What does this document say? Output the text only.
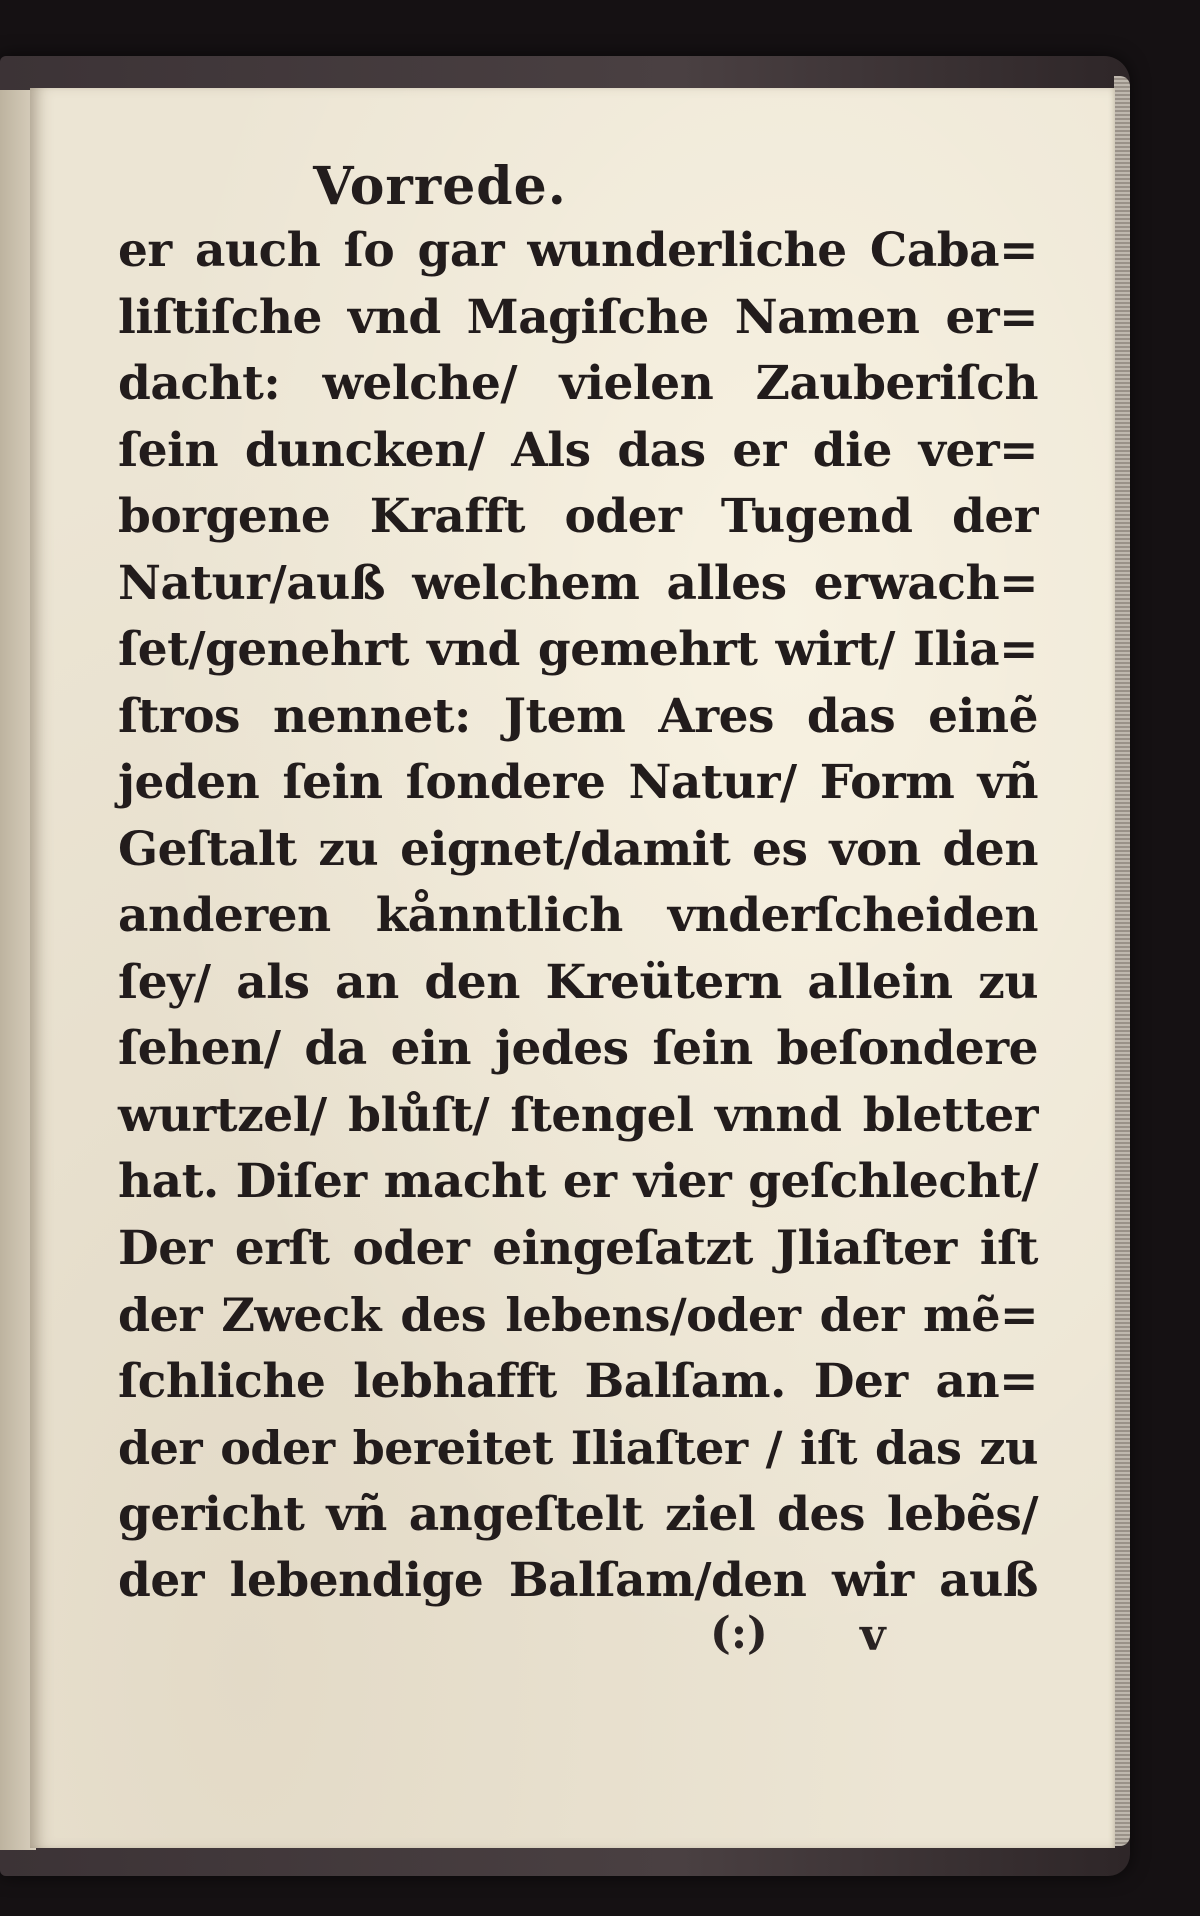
Vorrede.
er auch ſo gar wunderliche Caba=
liſtiſche vnd Magiſche Namen er=
dacht: welche/ vielen Zauberiſch
ſein duncken/ Als das er die ver=
borgene Krafft oder Tugend der
Natur/auß welchem alles erwach=
ſet/genehrt vnd gemehrt wirt/ Ilia=
ſtros nennet: Jtem Ares das einẽ
jeden ſein ſondere Natur/ Form vñ
Geſtalt zu eignet/damit es von den
anderen kånntlich vnderſcheiden
ſey/ als an den Kreütern allein zu
ſehen/ da ein jedes ſein beſondere
wurtzel/ blůſt/ ſtengel vnnd bletter
hat. Diſer macht er vier geſchlecht/
Der erſt oder eingeſatzt Jliaſter iſt
der Zweck des lebens/oder der mẽ=
ſchliche lebhafft Balſam. Der an=
der oder bereitet Iliaſter / iſt das zu
gericht vñ angeſtelt ziel des lebẽs/
der lebendige Balſam/den wir auß
(:) v
